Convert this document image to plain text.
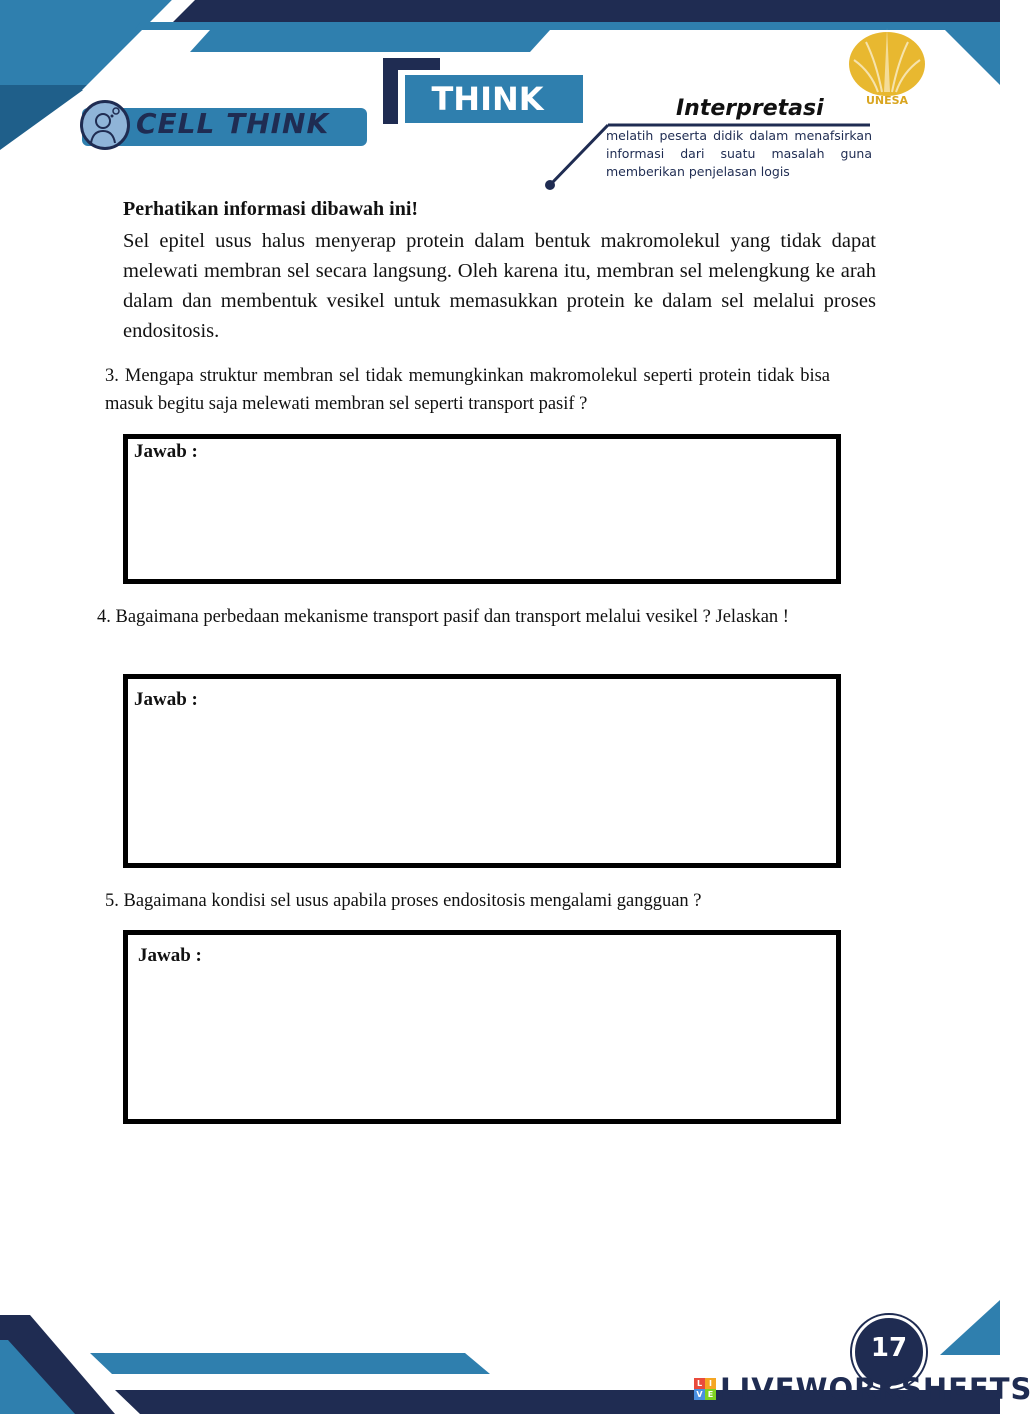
CELL THINK
THINK	Interpretasi
melatih peserta didik dalam menafsirkan informasi dari suatu masalah guna memberikan penjelasan logis
UNESA
Perhatikan informasi dibawah ini!
Sel epitel usus halus menyerap protein dalam bentuk makromolekul yang tidak dapat melewati membran sel secara langsung. Oleh karena itu, membran sel melengkung ke arah dalam dan membentuk vesikel untuk memasukkan protein ke dalam sel melalui proses endositosis.
3. Mengapa struktur membran sel tidak memungkinkan makromolekul seperti protein tidak bisa masuk begitu saja melewati membran sel seperti transport pasif ?
Jawab :
4. Bagaimana perbedaan mekanisme transport pasif dan transport melalui vesikel ? Jelaskan !
Jawab :
5. Bagaimana kondisi sel usus apabila proses endositosis mengalami gangguan ?
Jawab :
17
L I
V E LIVEWORKSHEETS
